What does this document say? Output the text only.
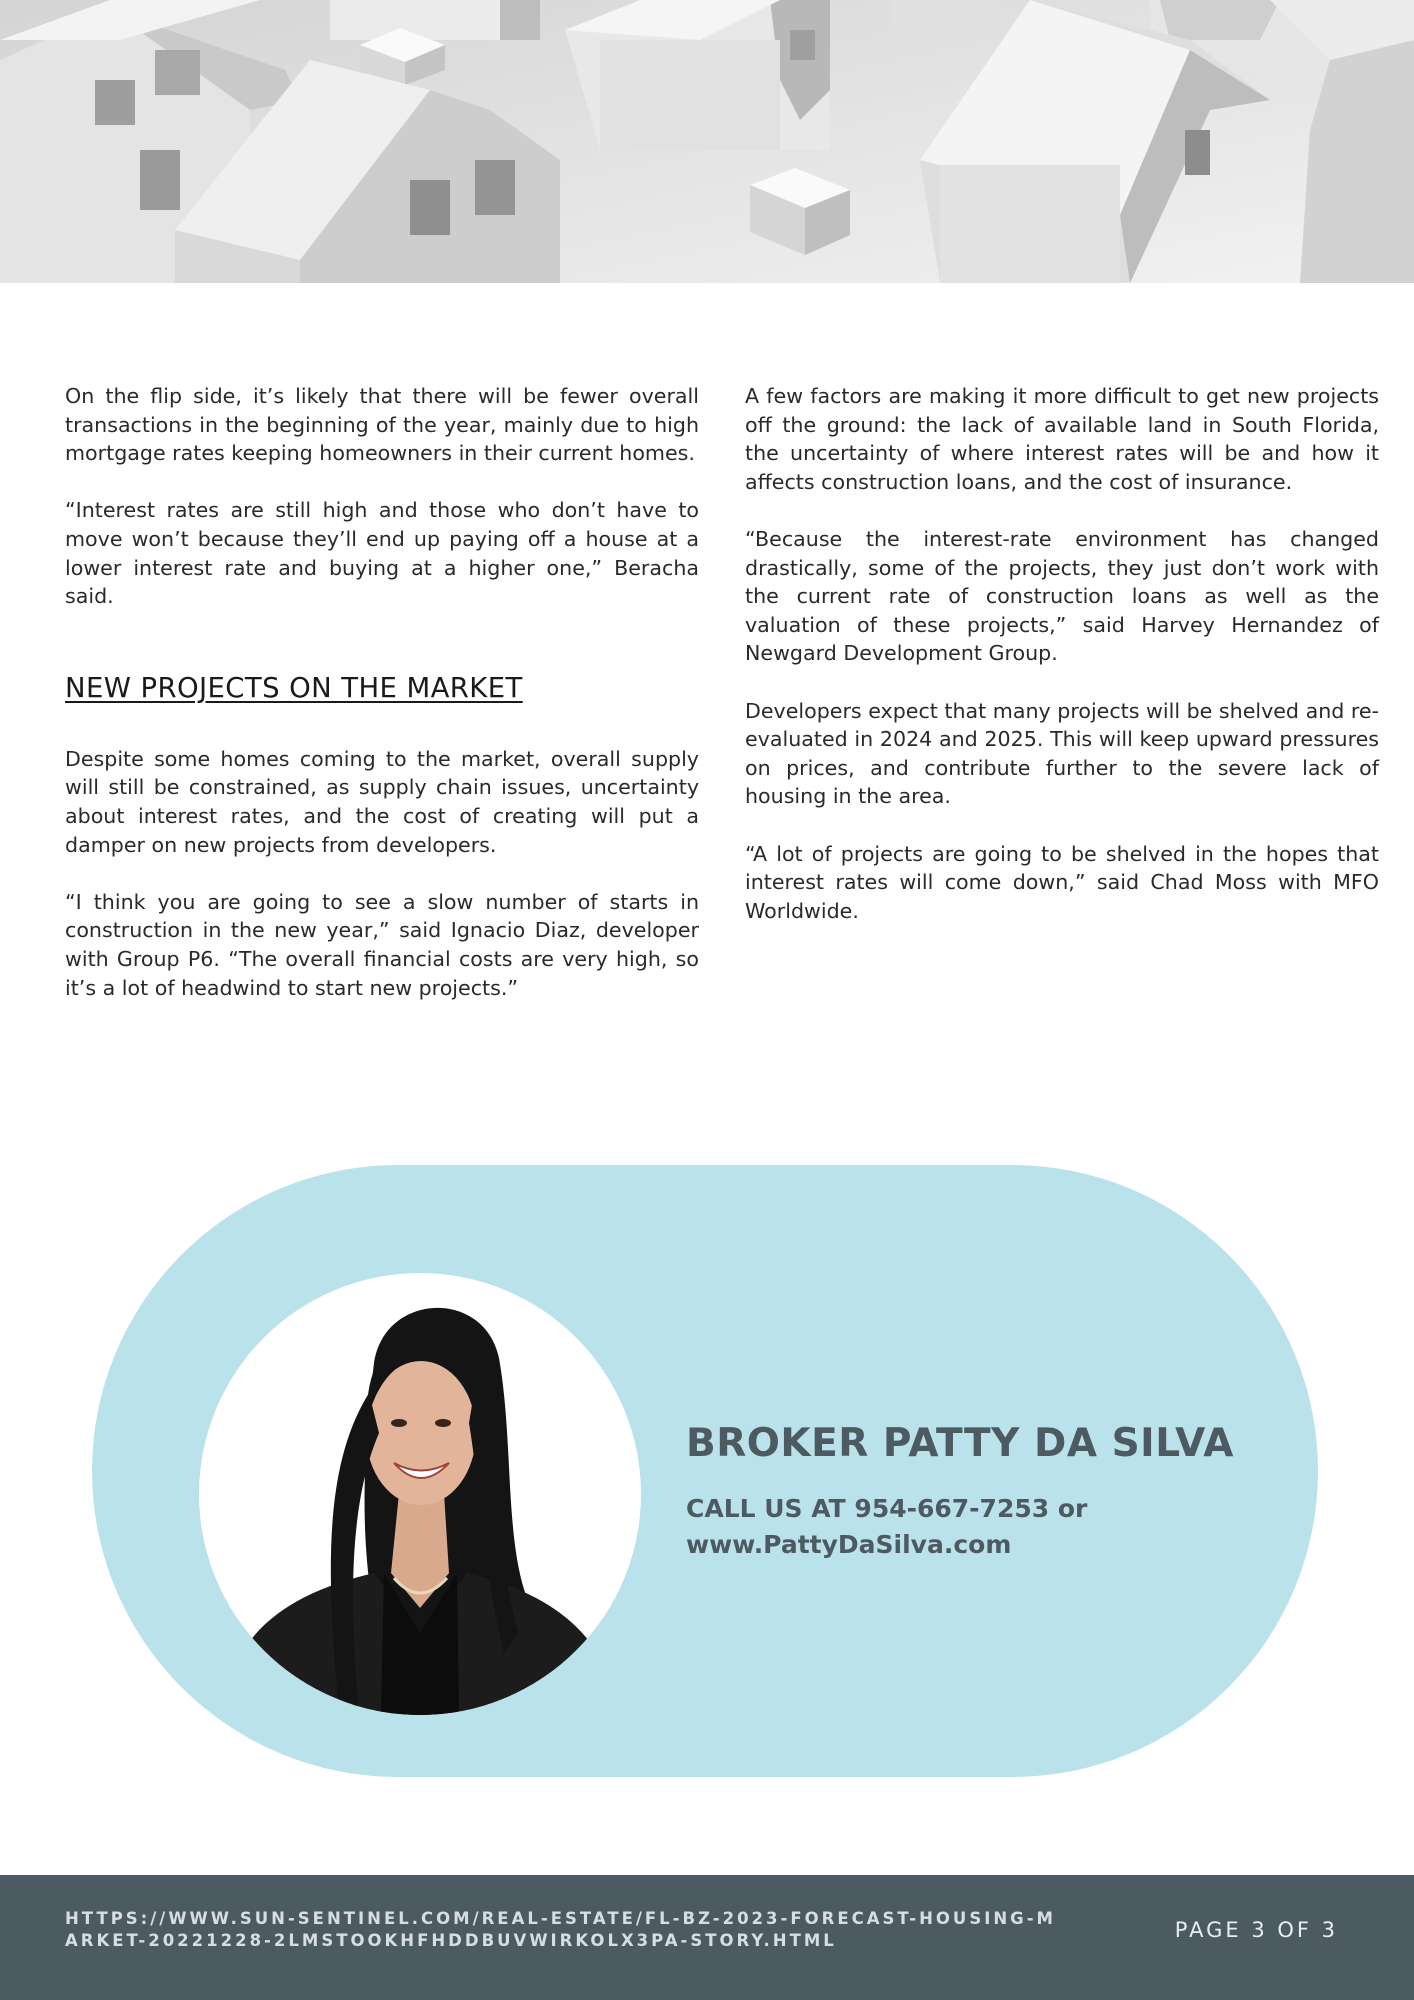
On the flip side, it’s likely that there will be fewer overall transactions in the beginning of the year, mainly due to high mortgage rates keeping homeowners in their current homes.

“Interest rates are still high and those who don’t have to move won’t because they’ll end up paying off a house at a lower interest rate and buying at a higher one,” Beracha said.

NEW PROJECTS ON THE MARKET

Despite some homes coming to the market, overall supply will still be constrained, as supply chain issues, uncertainty about interest rates, and the cost of creating will put a damper on new projects from developers.

“I think you are going to see a slow number of starts in construction in the new year,” said Ignacio Diaz, developer with Group P6. “The overall financial costs are very high, so it’s a lot of headwind to start new projects.”

A few factors are making it more difficult to get new projects off the ground: the lack of available land in South Florida, the uncertainty of where interest rates will be and how it affects construction loans, and the cost of insurance.

“Because the interest-rate environment has changed drastically, some of the projects, they just don’t work with the current rate of construction loans as well as the valuation of these projects,” said Harvey Hernandez of Newgard Development Group.

Developers expect that many projects will be shelved and re-evaluated in 2024 and 2025. This will keep upward pressures on prices, and contribute further to the severe lack of housing in the area.

“A lot of projects are going to be shelved in the hopes that interest rates will come down,” said Chad Moss with MFO Worldwide.

BROKER PATTY DA SILVA

CALL US AT 954-667-7253 or

www.PattyDaSilva.com

HTTPS://WWW.SUN-SENTINEL.COM/REAL-ESTATE/FL-BZ-2023-FORECAST-HOUSING-MARKET-20221228-2LMSTOOKHFHDDBUVWIRKOLX3PA-STORY.HTML	PAGE 3 OF 3
